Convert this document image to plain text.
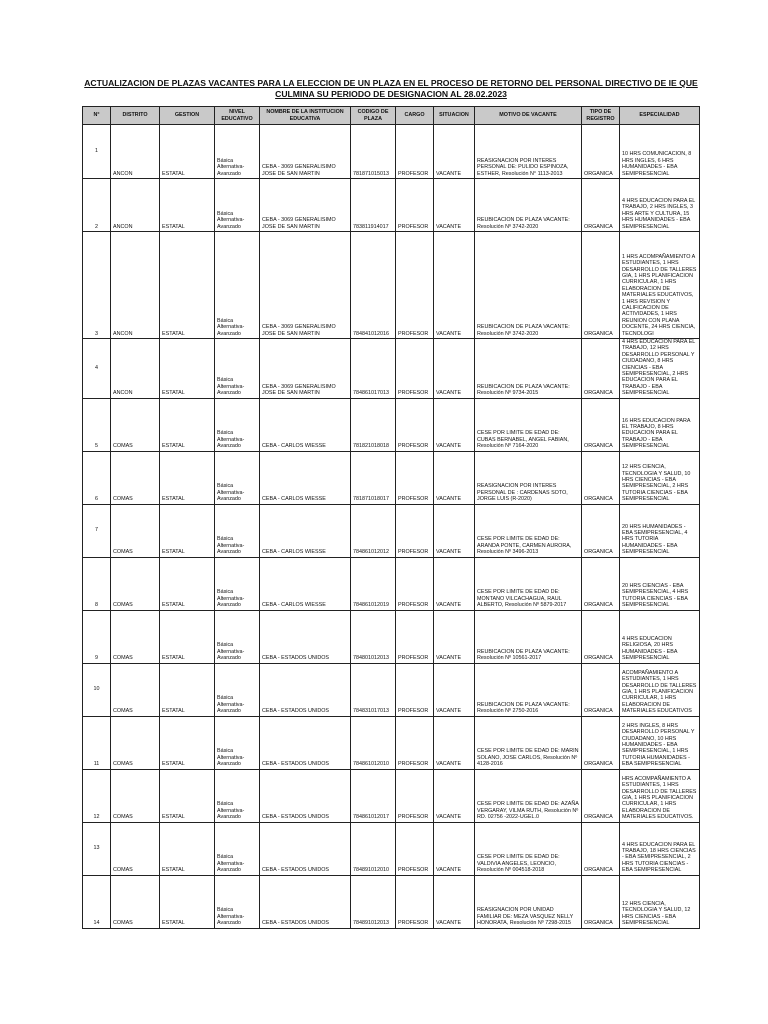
ACTUALIZACION DE PLAZAS VACANTES PARA LA ELECCION DE UN PLAZA EN EL PROCESO DE RETORNO DEL PERSONAL DIRECTIVO DE IE QUE CULMINA SU PERIODO DE DESIGNACION AL 28.02.2023
N°	DISTRITO	GESTION	NIVEL EDUCATIVO	NOMBRE DE LA INSTITUCION EDUCATIVA	CODIGO DE PLAZA	CARGO	SITUACION	MOTIVO DE VACANTE	TIPO DE REGISTRO	ESPECIALIDAD

1	ANCON	ESTATAL	Básica Alternativa-Avanzado	CEBA - 3069 GENERALISIMO JOSE DE SAN MARTIN	781871015013	PROFESOR	VACANTE	REASIGNACION POR INTERES PERSONAL DE: PULIDO ESPINOZA, ESTHER, Resolución N° 1113-2013	ORGANICA	10 HRS COMUNICACION, 8 HRS INGLES, 6 HRS HUMANIDADES - EBA SEMIPRESENCIAL

2	ANCON	ESTATAL	Básica Alternativa-Avanzado	CEBA - 3069 GENERALISIMO JOSE DE SAN MARTIN	783811914017	PROFESOR	VACANTE	REUBICACION DE PLAZA VACANTE: Resolución Nº 3742-2020	ORGANICA	4 HRS EDUCACION PARA EL TRABAJO, 2 HRS INGLES, 3 HRS ARTE Y CULTURA, 15 HRS HUMANIDADES - EBA SEMIPRESENCIAL

3	ANCON	ESTATAL	Básica Alternativa-Avanzado	CEBA - 3069 GENERALISIMO JOSE DE SAN MARTIN	784841012016	PROFESOR	VACANTE	REUBICACION DE PLAZA VACANTE: Resolución Nº 3742-2020	ORGANICA	1 HRS ACOMPAÑAMIENTO A ESTUDIANTES, 1 HRS DESARROLLO DE TALLERES GIA, 1 HRS PLANIFICACION CURRICULAR, 1 HRS ELABORACION DE MATERIALES EDUCATIVOS, 1 HRS REVISION Y CALIFICACION DE ACTIVIDADES, 1 HRS REUNION CON PLANA DOCENTE, 24 HRS CIENCIA, TECNOLOGI

4	ANCON	ESTATAL	Básica Alternativa-Avanzado	CEBA - 3069 GENERALISIMO JOSE DE SAN MARTIN	784861017013	PROFESOR	VACANTE	REUBICACION DE PLAZA VACANTE: Resolución Nº 9734-2015	ORGANICA	4 HRS EDUCACION PARA EL TRABAJO, 12 HRS DESARROLLO PERSONAL Y CIUDADANO, 8 HRS CIENCIAS - EBA SEMIPRESENCIAL, 2 HRS EDUCACION PARA EL TRABAJO - EBA SEMIPRESENCIAL

5	COMAS	ESTATAL	Básica Alternativa-Avanzado	CEBA - CARLOS WIESSE	781821018018	PROFESOR	VACANTE	CESE POR LIMITE DE EDAD DE: CUBAS BERNABEL, ANGEL FABIAN, Resolución Nº 7164-2020	ORGANICA	16 HRS EDUCACION PARA EL TRABAJO, 8 HRS EDUCACION PARA EL TRABAJO - EBA SEMIPRESENCIAL

6	COMAS	ESTATAL	Básica Alternativa-Avanzado	CEBA - CARLOS WIESSE	781871018017	PROFESOR	VACANTE	REASIGNACION POR INTERES PERSONAL DE : CARDENAS SOTO, JORGE LUIS (R-2020)	ORGANICA	12 HRS CIENCIA, TECNOLOGIA Y SALUD, 10 HRS CIENCIAS - EBA SEMIPRESENCIAL, 2 HRS TUTORIA CIENCIAS - EBA SEMIPRESENCIAL

7	COMAS	ESTATAL	Básica Alternativa-Avanzado	CEBA - CARLOS WIESSE	784861012012	PROFESOR	VACANTE	CESE POR LIMITE DE EDAD DE: ARANDA PONTE, CARMEN AURORA, Resolución Nº 3496-2013	ORGANICA	20 HRS HUMANIDADES - EBA SEMIPRESENCIAL, 4 HRS TUTORIA HUMANIDADES - EBA SEMIPRESENCIAL

8	COMAS	ESTATAL	Básica Alternativa-Avanzado	CEBA - CARLOS WIESSE	784861012019	PROFESOR	VACANTE	CESE POR LIMITE DE EDAD DE: MONTANO VILCACHAGUA, RAUL ALBERTO, Resolución Nº 5879-2017	ORGANICA	20 HRS CIENCIAS - EBA SEMIPRESENCIAL, 4 HRS TUTORIA CIENCIAS - EBA SEMIPRESENCIAL

9	COMAS	ESTATAL	Básica Alternativa-Avanzado	CEBA - ESTADOS UNIDOS	784801012013	PROFESOR	VACANTE	REUBICACION DE PLAZA VACANTE: Resolución Nº 10561-2017	ORGANICA	4 HRS EDUCACION RELIGIOSA, 20 HRS HUMANIDADES - EBA SEMIPRESENCIAL

10	COMAS	ESTATAL	Básica Alternativa-Avanzado	CEBA - ESTADOS UNIDOS	784831017013	PROFESOR	VACANTE	REUBICACION DE PLAZA VACANTE: Resolución Nº 2750-2016	ORGANICA	ACOMPAÑAMIENTO A ESTUDIANTES, 1 HRS DESARROLLO DE TALLERES GIA, 1 HRS PLANIFICACION CURRICULAR, 1 HRS ELABORACION DE MATERIALES EDUCATIVOS

11	COMAS	ESTATAL	Básica Alternativa-Avanzado	CEBA - ESTADOS UNIDOS	784861012010	PROFESOR	VACANTE	CESE POR LIMITE DE EDAD DE: MARIN SOLANO, JOSE CARLOS, Resolución Nº 4128-2016	ORGANICA	2 HRS INGLES, 8 HRS DESARROLLO PERSONAL Y CIUDADANO, 10 HRS HUMANIDADES - EBA SEMIPRESENCIAL, 1 HRS TUTORIA HUMANIDADES - EBA SEMIPRESENCIAL

12	COMAS	ESTATAL	Básica Alternativa-Avanzado	CEBA - ESTADOS UNIDOS	784861012017	PROFESOR	VACANTE	CESE POR LIMITE DE EDAD DE: AZAÑA VERGARAY, VILMA RUTH, Resolución Nº RD. 02756 -2022-UGEL.0	ORGANICA	HRS ACOMPAÑAMIENTO A ESTUDIANTES, 1 HRS DESARROLLO DE TALLERES GIA, 1 HRS PLANIFICACION CURRICULAR, 1 HRS ELABORACION DE MATERIALES EDUCATIVOS.

13	COMAS	ESTATAL	Básica Alternativa-Avanzado	CEBA - ESTADOS UNIDOS	784891012010	PROFESOR	VACANTE	CESE POR LIMITE DE EDAD DE: VALDIVIA ANGELES, LEONCIO, Resolución Nº 004518-2018	ORGANICA	4 HRS EDUCACION PARA EL TRABAJO, 18 HRS CIENCIAS - EBA SEMIPRESENCIAL, 2 HRS TUTORIA CIENCIAS - EBA SEMIPRESENCIAL

14	COMAS	ESTATAL	Básica Alternativa-Avanzado	CEBA - ESTADOS UNIDOS	784891012013	PROFESOR	VACANTE	REASIGNACION POR UNIDAD FAMILIAR DE: MEZA VASQUEZ NELLY HONORATA, Resolución Nº 7298-2015	ORGANICA	12 HRS CIENCIA, TECNOLOGIA Y SALUD, 12 HRS CIENCIAS - EBA SEMIPRESENCIAL
